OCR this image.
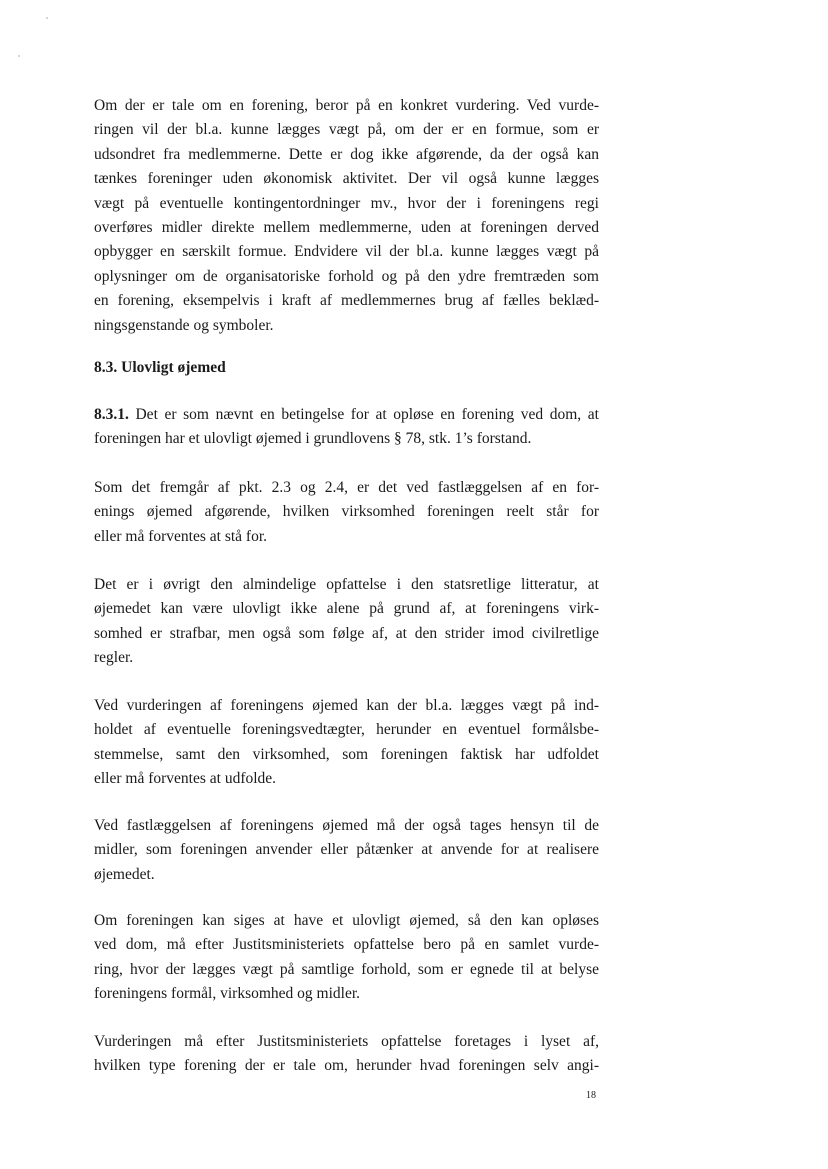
Om der er tale om en forening, beror på en konkret vurdering. Ved vurde-
ringen vil der bl.a. kunne lægges vægt på, om der er en formue, som er
udsondret fra medlemmerne. Dette er dog ikke afgørende, da der også kan
tænkes foreninger uden økonomisk aktivitet. Der vil også kunne lægges
vægt på eventuelle kontingentordninger mv., hvor der i foreningens regi
overføres midler direkte mellem medlemmerne, uden at foreningen derved
opbygger en særskilt formue. Endvidere vil der bl.a. kunne lægges vægt på
oplysninger om de organisatoriske forhold og på den ydre fremtræden som
en forening, eksempelvis i kraft af medlemmernes brug af fælles beklæd-
ningsgenstande og symboler.
8.3. Ulovligt øjemed
8.3.1. Det er som nævnt en betingelse for at opløse en forening ved dom, at
foreningen har et ulovligt øjemed i grundlovens § 78, stk. 1’s forstand.
Som det fremgår af pkt. 2.3 og 2.4, er det ved fastlæggelsen af en for-
enings øjemed afgørende, hvilken virksomhed foreningen reelt står for
eller må forventes at stå for.
Det er i øvrigt den almindelige opfattelse i den statsretlige litteratur, at
øjemedet kan være ulovligt ikke alene på grund af, at foreningens virk-
somhed er strafbar, men også som følge af, at den strider imod civilretlige
regler.
Ved vurderingen af foreningens øjemed kan der bl.a. lægges vægt på ind-
holdet af eventuelle foreningsvedtægter, herunder en eventuel formålsbe-
stemmelse, samt den virksomhed, som foreningen faktisk har udfoldet
eller må forventes at udfolde.
Ved fastlæggelsen af foreningens øjemed må der også tages hensyn til de
midler, som foreningen anvender eller påtænker at anvende for at realisere
øjemedet.
Om foreningen kan siges at have et ulovligt øjemed, så den kan opløses
ved dom, må efter Justitsministeriets opfattelse bero på en samlet vurde-
ring, hvor der lægges vægt på samtlige forhold, som er egnede til at belyse
foreningens formål, virksomhed og midler.
Vurderingen må efter Justitsministeriets opfattelse foretages i lyset af,
hvilken type forening der er tale om, herunder hvad foreningen selv angi-
18
